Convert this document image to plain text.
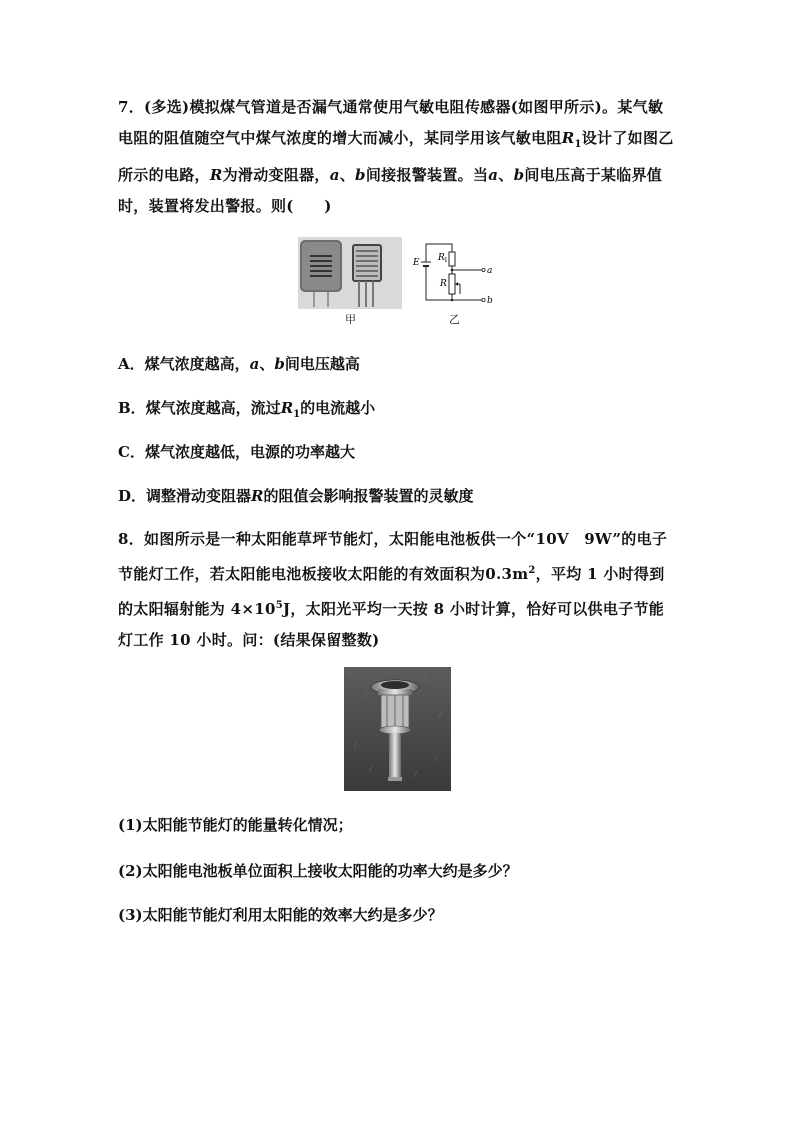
7．(多选)模拟煤气管道是否漏气通常使用气敏电阻传感器(如图甲所示)。某气敏电阻的阻值随空气中煤气浓度的增大而减小，某同学用该气敏电阻$R_1$设计了如图乙所示的电路，R为滑动变阻器，a、b间接报警装置。当a、b间电压高于某临界值时，装置将发出警报。则(　　)
甲
E R 1
R
a
b
乙
A．煤气浓度越高，a、b间电压越高
B．煤气浓度越高，流过$R_1$的电流越小
C．煤气浓度越低，电源的功率越大
D．调整滑动变阻器R的阻值会影响报警装置的灵敏度
8．如图所示是一种太阳能草坪节能灯，太阳能电池板供一个“10V　9W”的电子节能灯工作，若太阳能电池板接收太阳能的有效面积为$0.3m^2$，平均 1 小时得到的太阳辐射能为 $4\times 10^5J$，太阳光平均一天按 8 小时计算，恰好可以供电子节能灯工作 10 小时。问：(结果保留整数)
(1)太阳能节能灯的能量转化情况；
(2)太阳能电池板单位面积上接收太阳能的功率大约是多少？
(3)太阳能节能灯利用太阳能的效率大约是多少？
